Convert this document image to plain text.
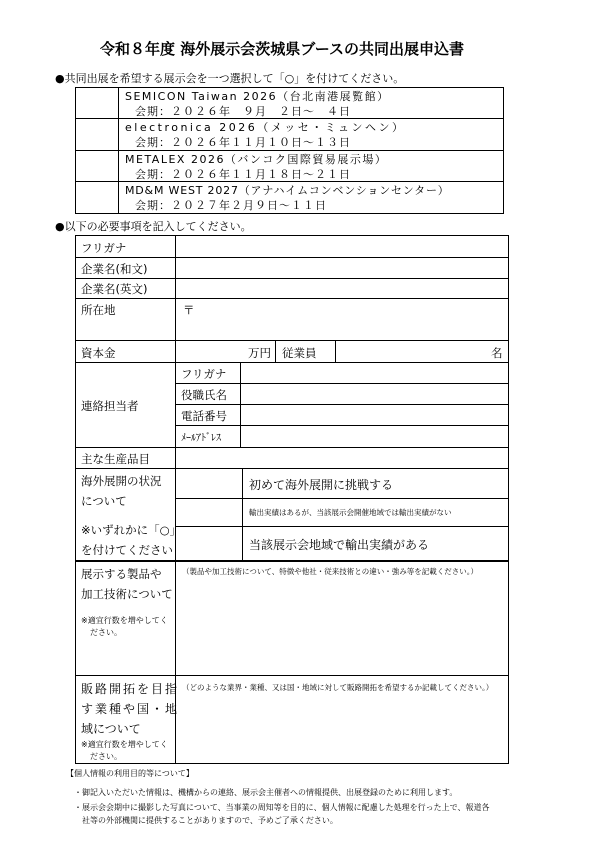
令和８年度 海外展示会茨城県ブースの共同出展申込書
●共同出展を希望する展示会を一つ選択して「○」を付けてください。
SEMICON Taiwan 2026（台北南港展覧館）
会期：２０２６年　９月　２日～　４日
electronica 2026（メッセ・ミュンヘン）
会期：２０２６年１１月１０日～１３日
METALEX 2026（バンコク国際貿易展示場）
会期：２０２６年１１月１８日～２１日
MD&M WEST 2027（アナハイムコンベンションセンター）
会期：２０２７年２月９日～１１日
●以下の必要事項を記入してください。
フリガナ
企業名(和文)
企業名(英文)
所在地	〒
資本金	万円 従業員	名
連絡担当者
フリガナ
役職氏名
電話番号
ﾒｰﾙｱﾄﾞﾚｽ
主な生産品目
海外展開の状況
について
※いずれかに「○」
を付けてください
初めて海外展開に挑戦する
輸出実績はあるが、当該展示会開催地域では輸出実績がない
当該展示会地域で輸出実績がある
展示する製品や
加工技術について
※適宜行数を増やしてく
ださい。
（製品や加工技術について、特徴や他社・従来技術との違い・強み等を記載ください。）
販路開拓を目指
す業種や国・地
域について
※適宜行数を増やしてく
ださい。
（どのような業界・業種、又は国・地域に対して販路開拓を希望するか記載してください。）
【個人情報の利用目的等について】
・御記入いただいた情報は、機構からの連絡、展示会主催者への情報提供、出展登録のために利用します。
・展示会会期中に撮影した写真について、当事業の周知等を目的に、個人情報に配慮した処理を行った上で、報道各
社等の外部機関に提供することがありますので、予めご了承ください。
